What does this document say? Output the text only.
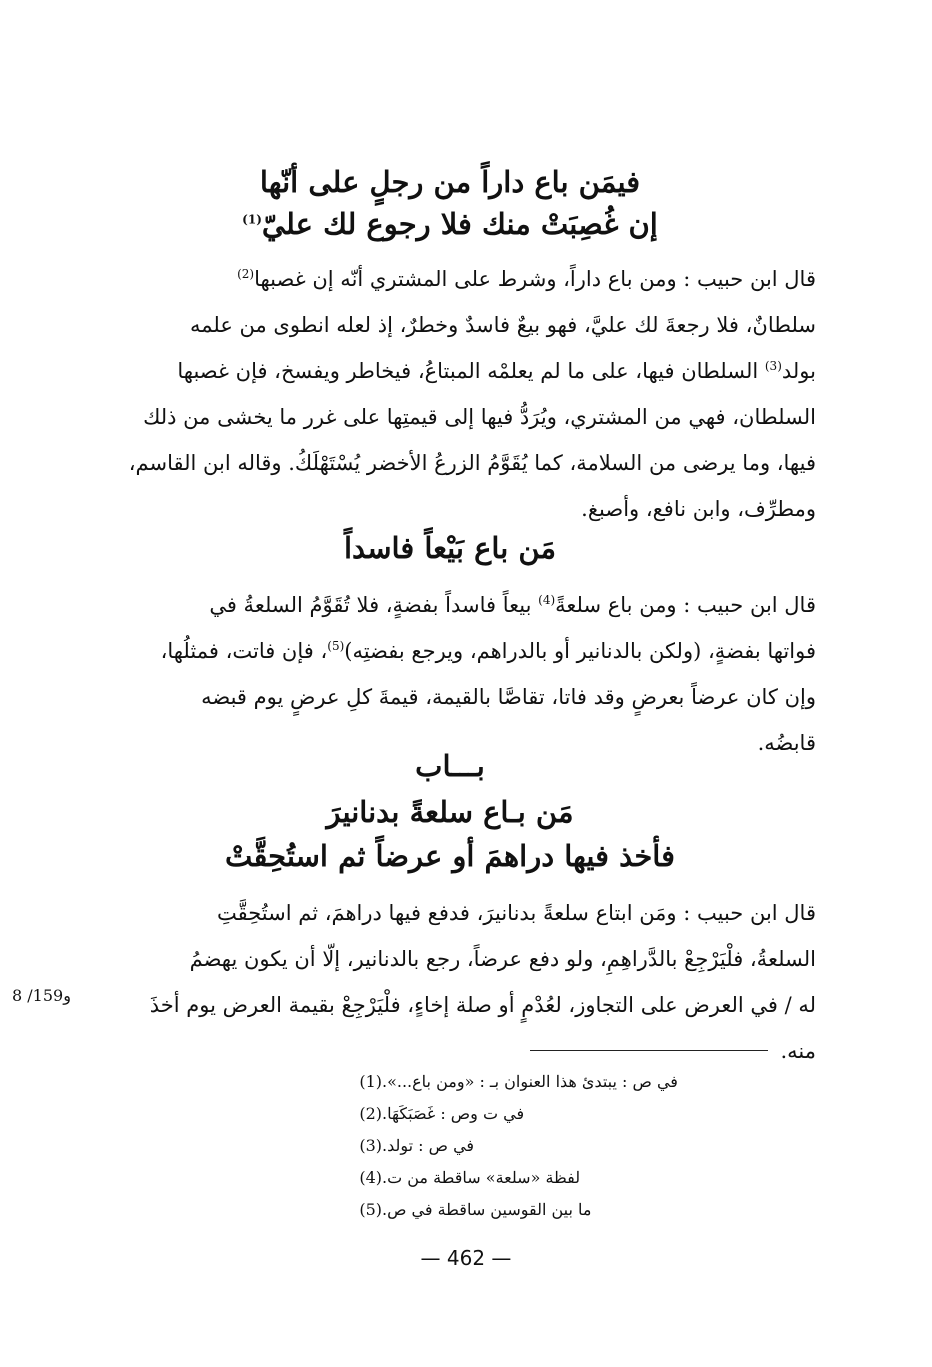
فيمَن باع داراً من رجلٍ على أنّها
إن غُصِبَتْ منك فلا رجوع لك عليّ$^{(1)}$
قال ابن حبيب : ومن باع داراً، وشرط على المشتري أنّه إن غصبها$^{(2)}$
سلطانٌ، فلا رجعةَ لك عليَّ، فهو بيعٌ فاسدٌ وخطرٌ، إذ لعله انطوى من علمه
بولد$^{(3)}$ السلطان فيها، على ما لم يعلمْه المبتاعُ، فيخاطر ويفسخ، فإن غصبها
السلطان، فهي من المشتري، ويُرَدُّ فيها إلى قيمتِها على غرر ما يخشى من ذلك
فيها، وما يرضى من السلامة، كما يُقَوَّمُ الزرعُ الأخضر يُسْتَهْلَكُ. وقاله ابن القاسم،
ومطرِّف، وابن نافع، وأصبغ.
مَن باع بَيْعاً فاسداً
قال ابن حبيب : ومن باع سلعةً$^{(4)}$ بيعاً فاسداً بفضةٍ، فلا تُقَوَّمُ السلعةُ في
فواتها بفضةٍ، (ولكن بالدنانير أو بالدراهم، ويرجع بفضتِه)$^{(5)}$، فإن فاتت، فمثلُها،
وإن كان عرضاً بعرضٍ وقد فاتا، تقاصَّا بالقيمة، قيمةَ كلِ عرضٍ يوم قبضه
قابضُه.
بـــاب
مَن بـاع سلعةً بدنانيرَ
فأخذ فيها دراهمَ أو عرضاً ثم استُحِقَّتْ
قال ابن حبيب : ومَن ابتاع سلعةً بدنانيرَ، فدفع فيها دراهمَ، ثم استُحِقَّتِ
السلعةُ، فلْيَرْجِعْ بالدَّراهِمِ، ولو دفع عرضاً، رجع بالدنانير، إلّا أن يكون يهضمُ
له / في العرض على التجاوز، لعُدْمٍ أو صلة إخاءٍ، فلْيَرْجِعْ بقيمة العرض يوم أخذَ
منه.
8 /159و
(1) في ص : يبتدئ هذا العنوان بـ : «ومن باع...».
(2) في ت وص : غَصَبَكَهَا.
(3) في ص : تولد.
(4) لفظة «سلعة» ساقطة من ت.
(5) ما بين القوسين ساقطة في ص.
— 462 —
